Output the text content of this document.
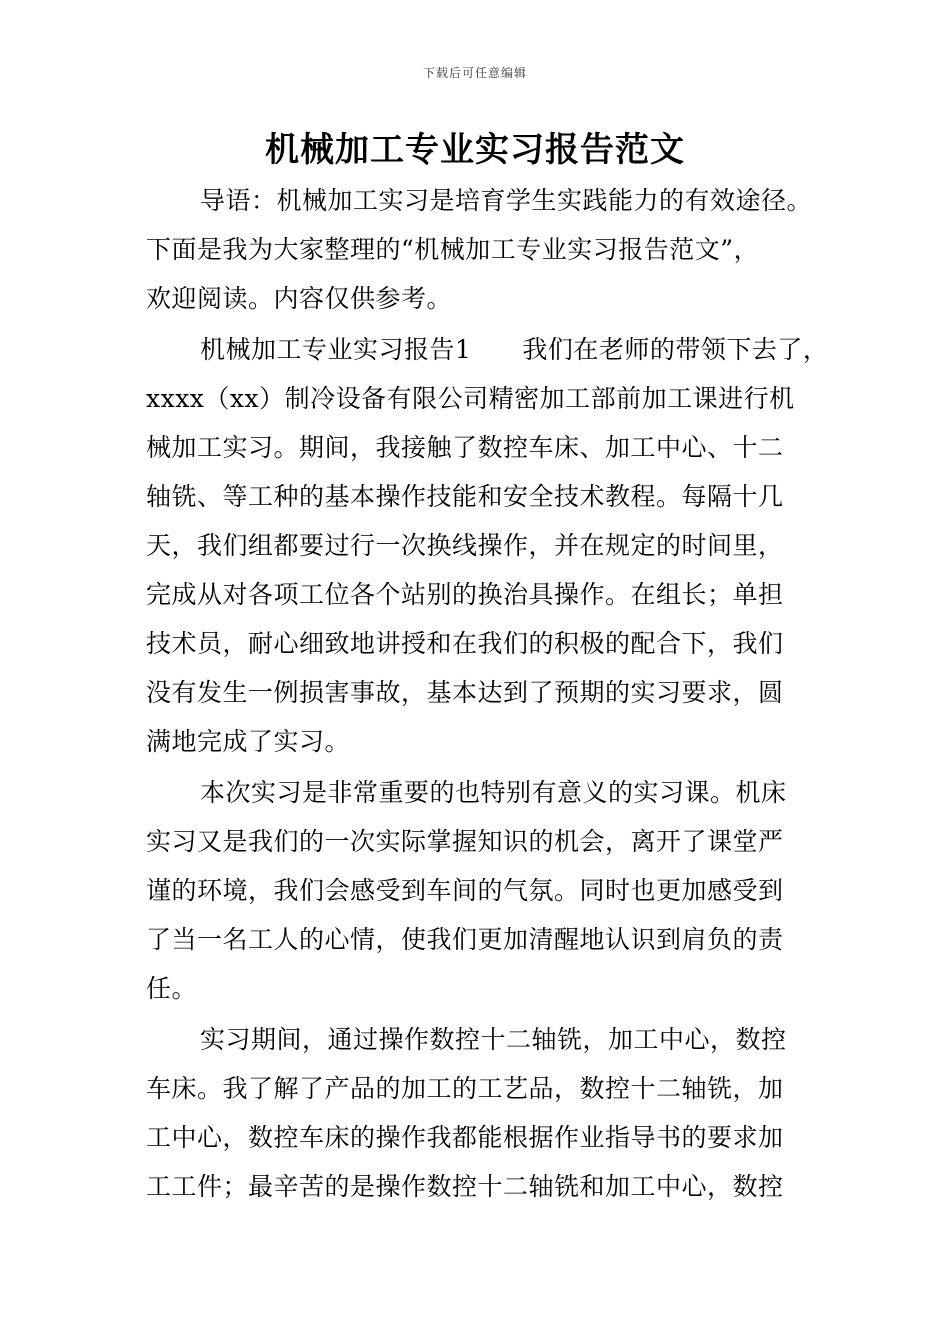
下载后可任意编辑
机械加工专业实习报告范文
导语：机械加工实习是培育学生实践能力的有效途径。
下面是我为大家整理的“机械加工专业实习报告范文”，
欢迎阅读。内容仅供参考。
机械加工专业实习报告1　　我们在老师的带领下去了，
xxxx（xx）制冷设备有限公司精密加工部前加工课进行机
械加工实习。期间，我接触了数控车床、加工中心、十二
轴铣、等工种的基本操作技能和安全技术教程。每隔十几
天，我们组都要过行一次换线操作，并在规定的时间里，
完成从对各项工位各个站别的换治具操作。在组长；单担
技术员，耐心细致地讲授和在我们的积极的配合下，我们
没有发生一例损害事故，基本达到了预期的实习要求，圆
满地完成了实习。
本次实习是非常重要的也特别有意义的实习课。机床
实习又是我们的一次实际掌握知识的机会，离开了课堂严
谨的环境，我们会感受到车间的气氛。同时也更加感受到
了当一名工人的心情，使我们更加清醒地认识到肩负的责
任。
实习期间，通过操作数控十二轴铣，加工中心，数控
车床。我了解了产品的加工的工艺品，数控十二轴铣，加
工中心，数控车床的操作我都能根据作业指导书的要求加
工工件；最辛苦的是操作数控十二轴铣和加工中心，数控
